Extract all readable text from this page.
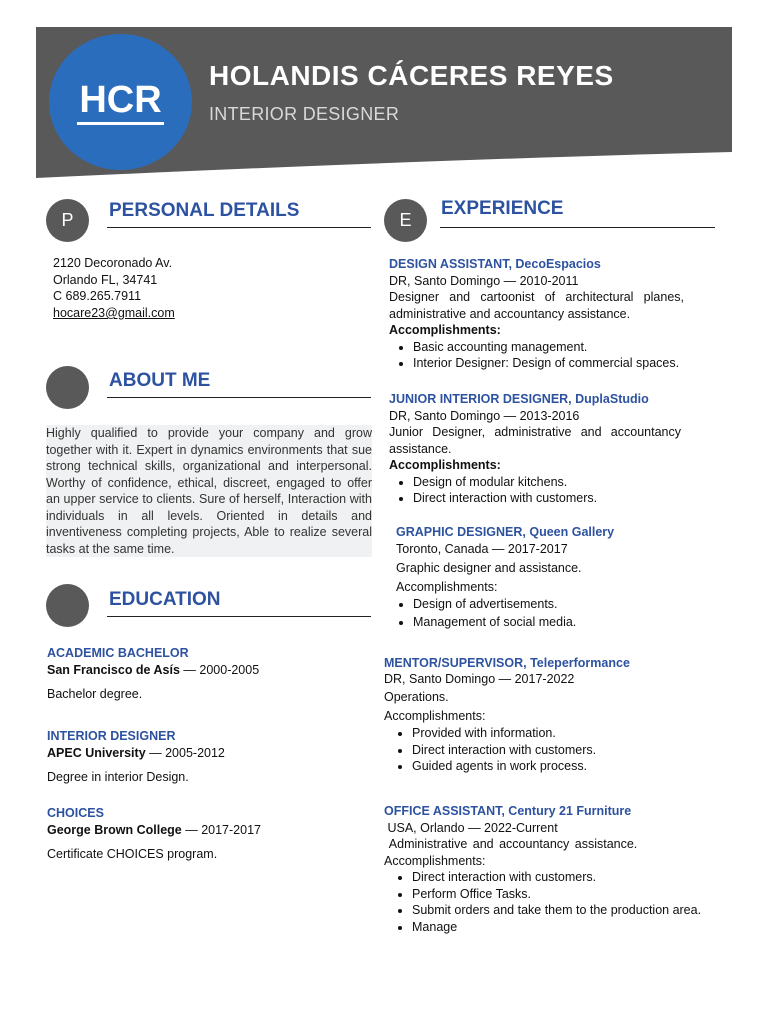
HCR
HOLANDIS CÁCERES REYES
INTERIOR DESIGNER
P PERSONAL DETAILS
2120 Decoronado Av.
Orlando FL, 34741
C 689.265.7911
hocare23@gmail.com
ABOUT ME
Highly qualified to provide your company and grow together with it. Expert in dynamics environments that sue strong technical skills, organizational and interpersonal. Worthy of confidence, ethical, discreet, engaged to offer an upper service to clients. Sure of herself, Interaction with individuals in all levels. Oriented in details and inventiveness completing projects, Able to realize several tasks at the same time.
EDUCATION
ACADEMIC BACHELOR
San Francisco de Asís — 2000-2005
Bachelor degree.
INTERIOR DESIGNER
APEC University — 2005-2012
Degree in interior Design.
CHOICES
George Brown College — 2017-2017
Certificate CHOICES program.
E
EXPERIENCE
DESIGN ASSISTANT, DecoEspacios
DR, Santo Domingo — 2010-2011
Designer and cartoonist of architectural planes,
administrative and accountancy assistance.
Accomplishments:
• Basic accounting management.
• Interior Designer: Design of commercial spaces.
JUNIOR INTERIOR DESIGNER, DuplaStudio
DR, Santo Domingo — 2013-2016
Junior Designer, administrative and accountancy
assistance.
Accomplishments:
• Design of modular kitchens.
• Direct interaction with customers.
GRAPHIC DESIGNER, Queen Gallery
Toronto, Canada — 2017-2017
Graphic designer and assistance.
Accomplishments:
• Design of advertisements.
• Management of social media.
MENTOR/SUPERVISOR, Teleperformance
DR, Santo Domingo — 2017-2022
Operations.
Accomplishments:
• Provided with information.
• Direct interaction with customers.
• Guided agents in work process.
OFFICE ASSISTANT, Century 21 Furniture
USA, Orlando — 2022-Current
Administrative and accountancy assistance.
Accomplishments:
• Direct interaction with customers.
• Perform Office Tasks.
• Submit orders and take them to the production area.
• Manage
